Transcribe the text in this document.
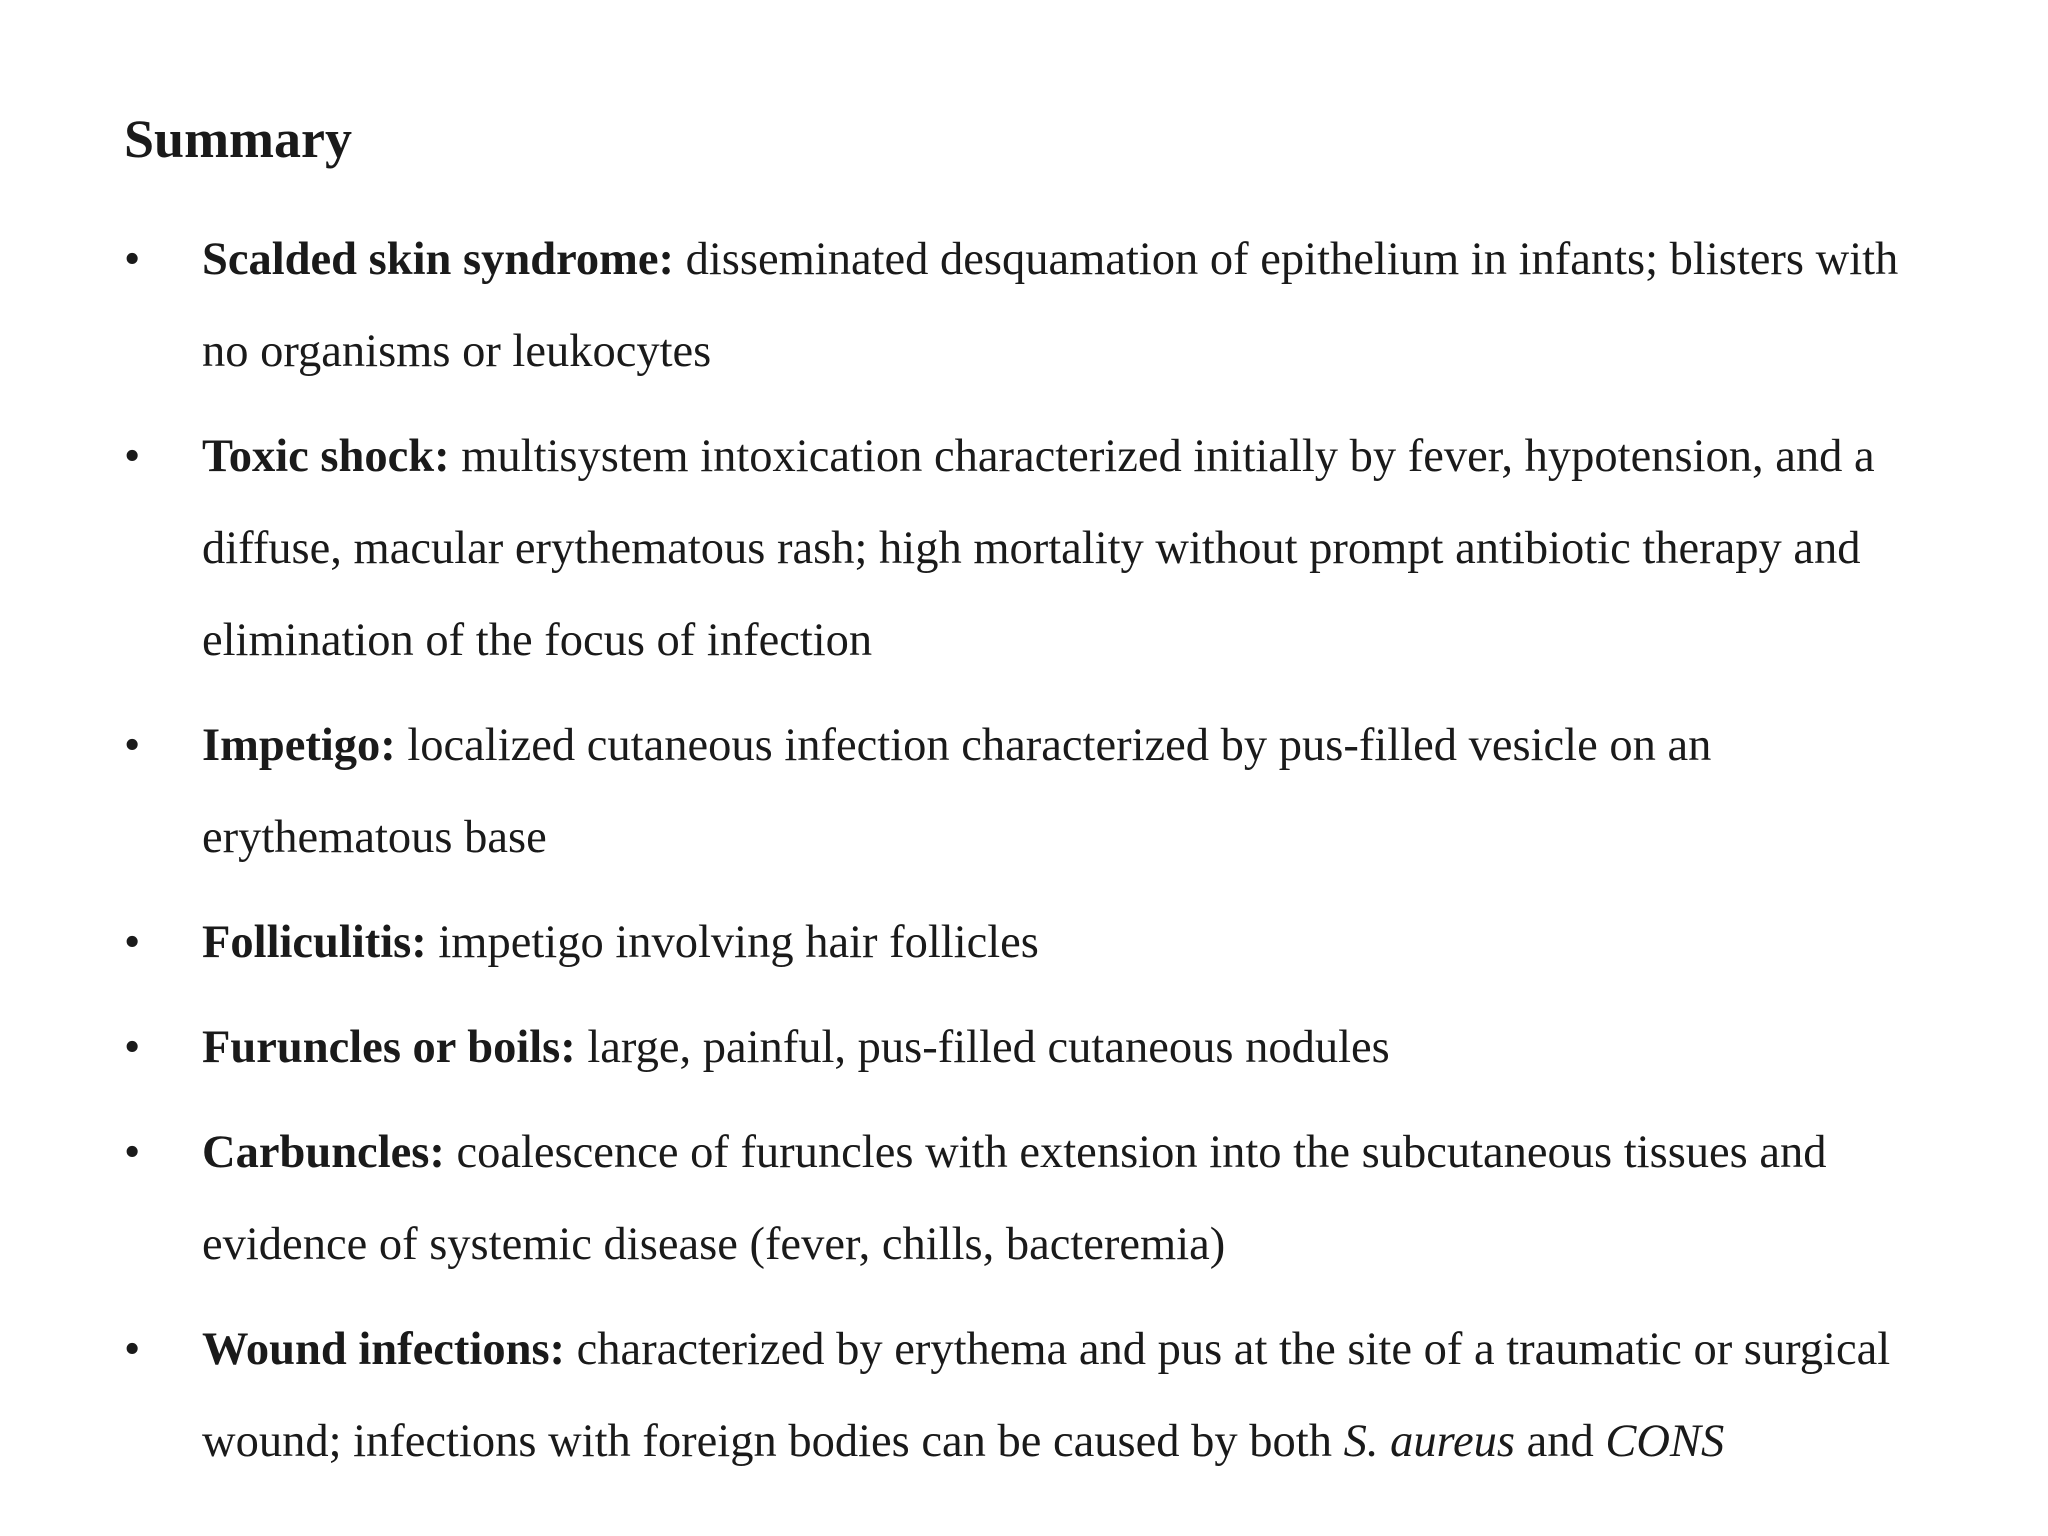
Summary
• Scalded skin syndrome: disseminated desquamation of epithelium in infants; blisters with no organisms or leukocytes
• Toxic shock: multisystem intoxication characterized initially by fever, hypotension, and a diffuse, macular erythematous rash; high mortality without prompt antibiotic therapy and elimination of the focus of infection
• Impetigo: localized cutaneous infection characterized by pus-filled vesicle on an erythematous base
• Folliculitis: impetigo involving hair follicles
• Furuncles or boils: large, painful, pus-filled cutaneous nodules
• Carbuncles: coalescence of furuncles with extension into the subcutaneous tissues and evidence of systemic disease (fever, chills, bacteremia)
• Wound infections: characterized by erythema and pus at the site of a traumatic or surgical wound; infections with foreign bodies can be caused by both S. aureus and CONS
